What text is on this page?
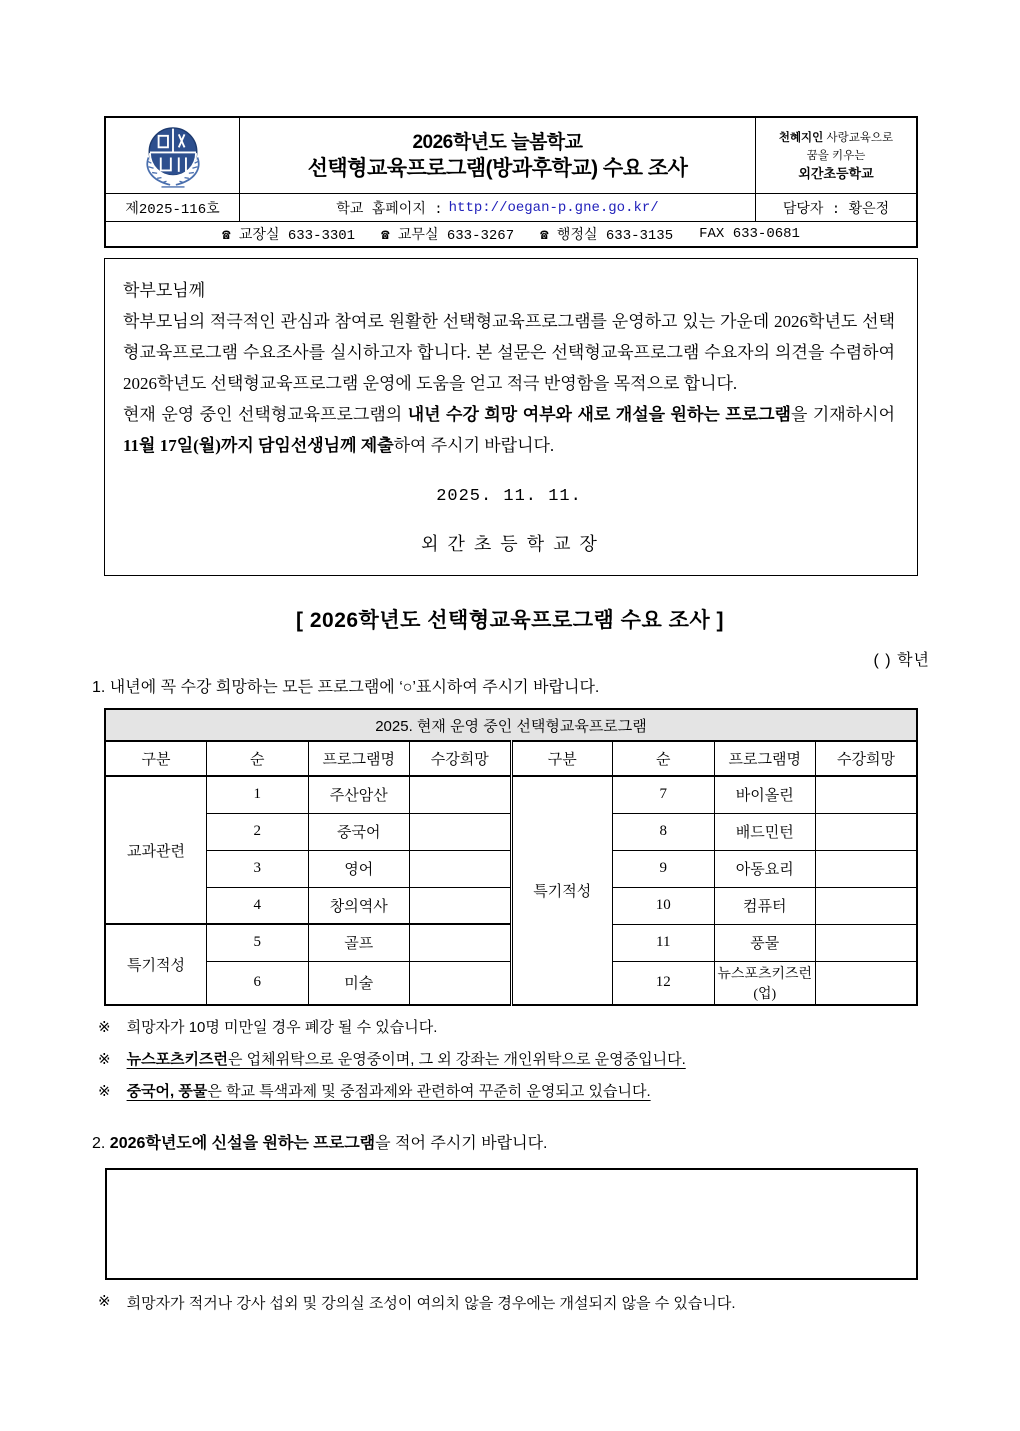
2026학년도 늘봄학교
선택형교육프로그램(방과후학교) 수요 조사
천혜지인 사랑교육으로
꿈을 키우는
외간초등학교
제2025-116호	학교 홈페이지 : http://oegan-p.gne.go.kr/	담당자 : 황은정
☎ 교장실 633-3301 ☎ 교무실 633-3267 ☎ 행정실 633-3135 FAX 633-0681

학부모님께

학부모님의 적극적인 관심과 참여로 원활한 선택형교육프로그램를 운영하고 있는 가운데 2026학년도 선택형교육프로그램 수요조사를 실시하고자 합니다. 본 설문은 선택형교육프로그램 수요자의 의견을 수렴하여 2026학년도 선택형교육프로그램 운영에 도움을 얻고 적극 반영함을 목적으로 합니다.

현재 운영 중인 선택형교육프로그램의 내년 수강 희망 여부와 새로 개설을 원하는 프로그램을 기재하시어 11월 17일(월)까지 담임선생님께 제출하여 주시기 바랍니다.

2025. 11. 11.
외간초등학교장
[ 2026학년도 선택형교육프로그램 수요 조사 ]
( ) 학년
1. 내년에 꼭 수강 희망하는 모든 프로그램에 ‘○’표시하여 주시기 바랍니다.
2025. 현재 운영 중인 선택형교육프로그램							
구분	순	프로그램명	수강희망	구분	순	프로그램명	수강희망
교과관련	1	주산암산		특기적성	7	바이올린	
	2	중국어			8	배드민턴	
	3	영어			9	아동요리	
	4	창의역사			10	컴퓨터	
특기적성	5	골프			11	풍물	
	6	미술			12	뉴스포츠키즈런(업)	
※ 희망자가 10명 미만일 경우 폐강 될 수 있습니다.
※ 뉴스포츠키즈런은 업체위탁으로 운영중이며, 그 외 강좌는 개인위탁으로 운영중입니다.
※ 중국어, 풍물은 학교 특색과제 및 중점과제와 관련하여 꾸준히 운영되고 있습니다.
2. 2026학년도에 신설을 원하는 프로그램을 적어 주시기 바랍니다.
※ 희망자가 적거나 강사 섭외 및 강의실 조성이 여의치 않을 경우에는 개설되지 않을 수 있습니다.
